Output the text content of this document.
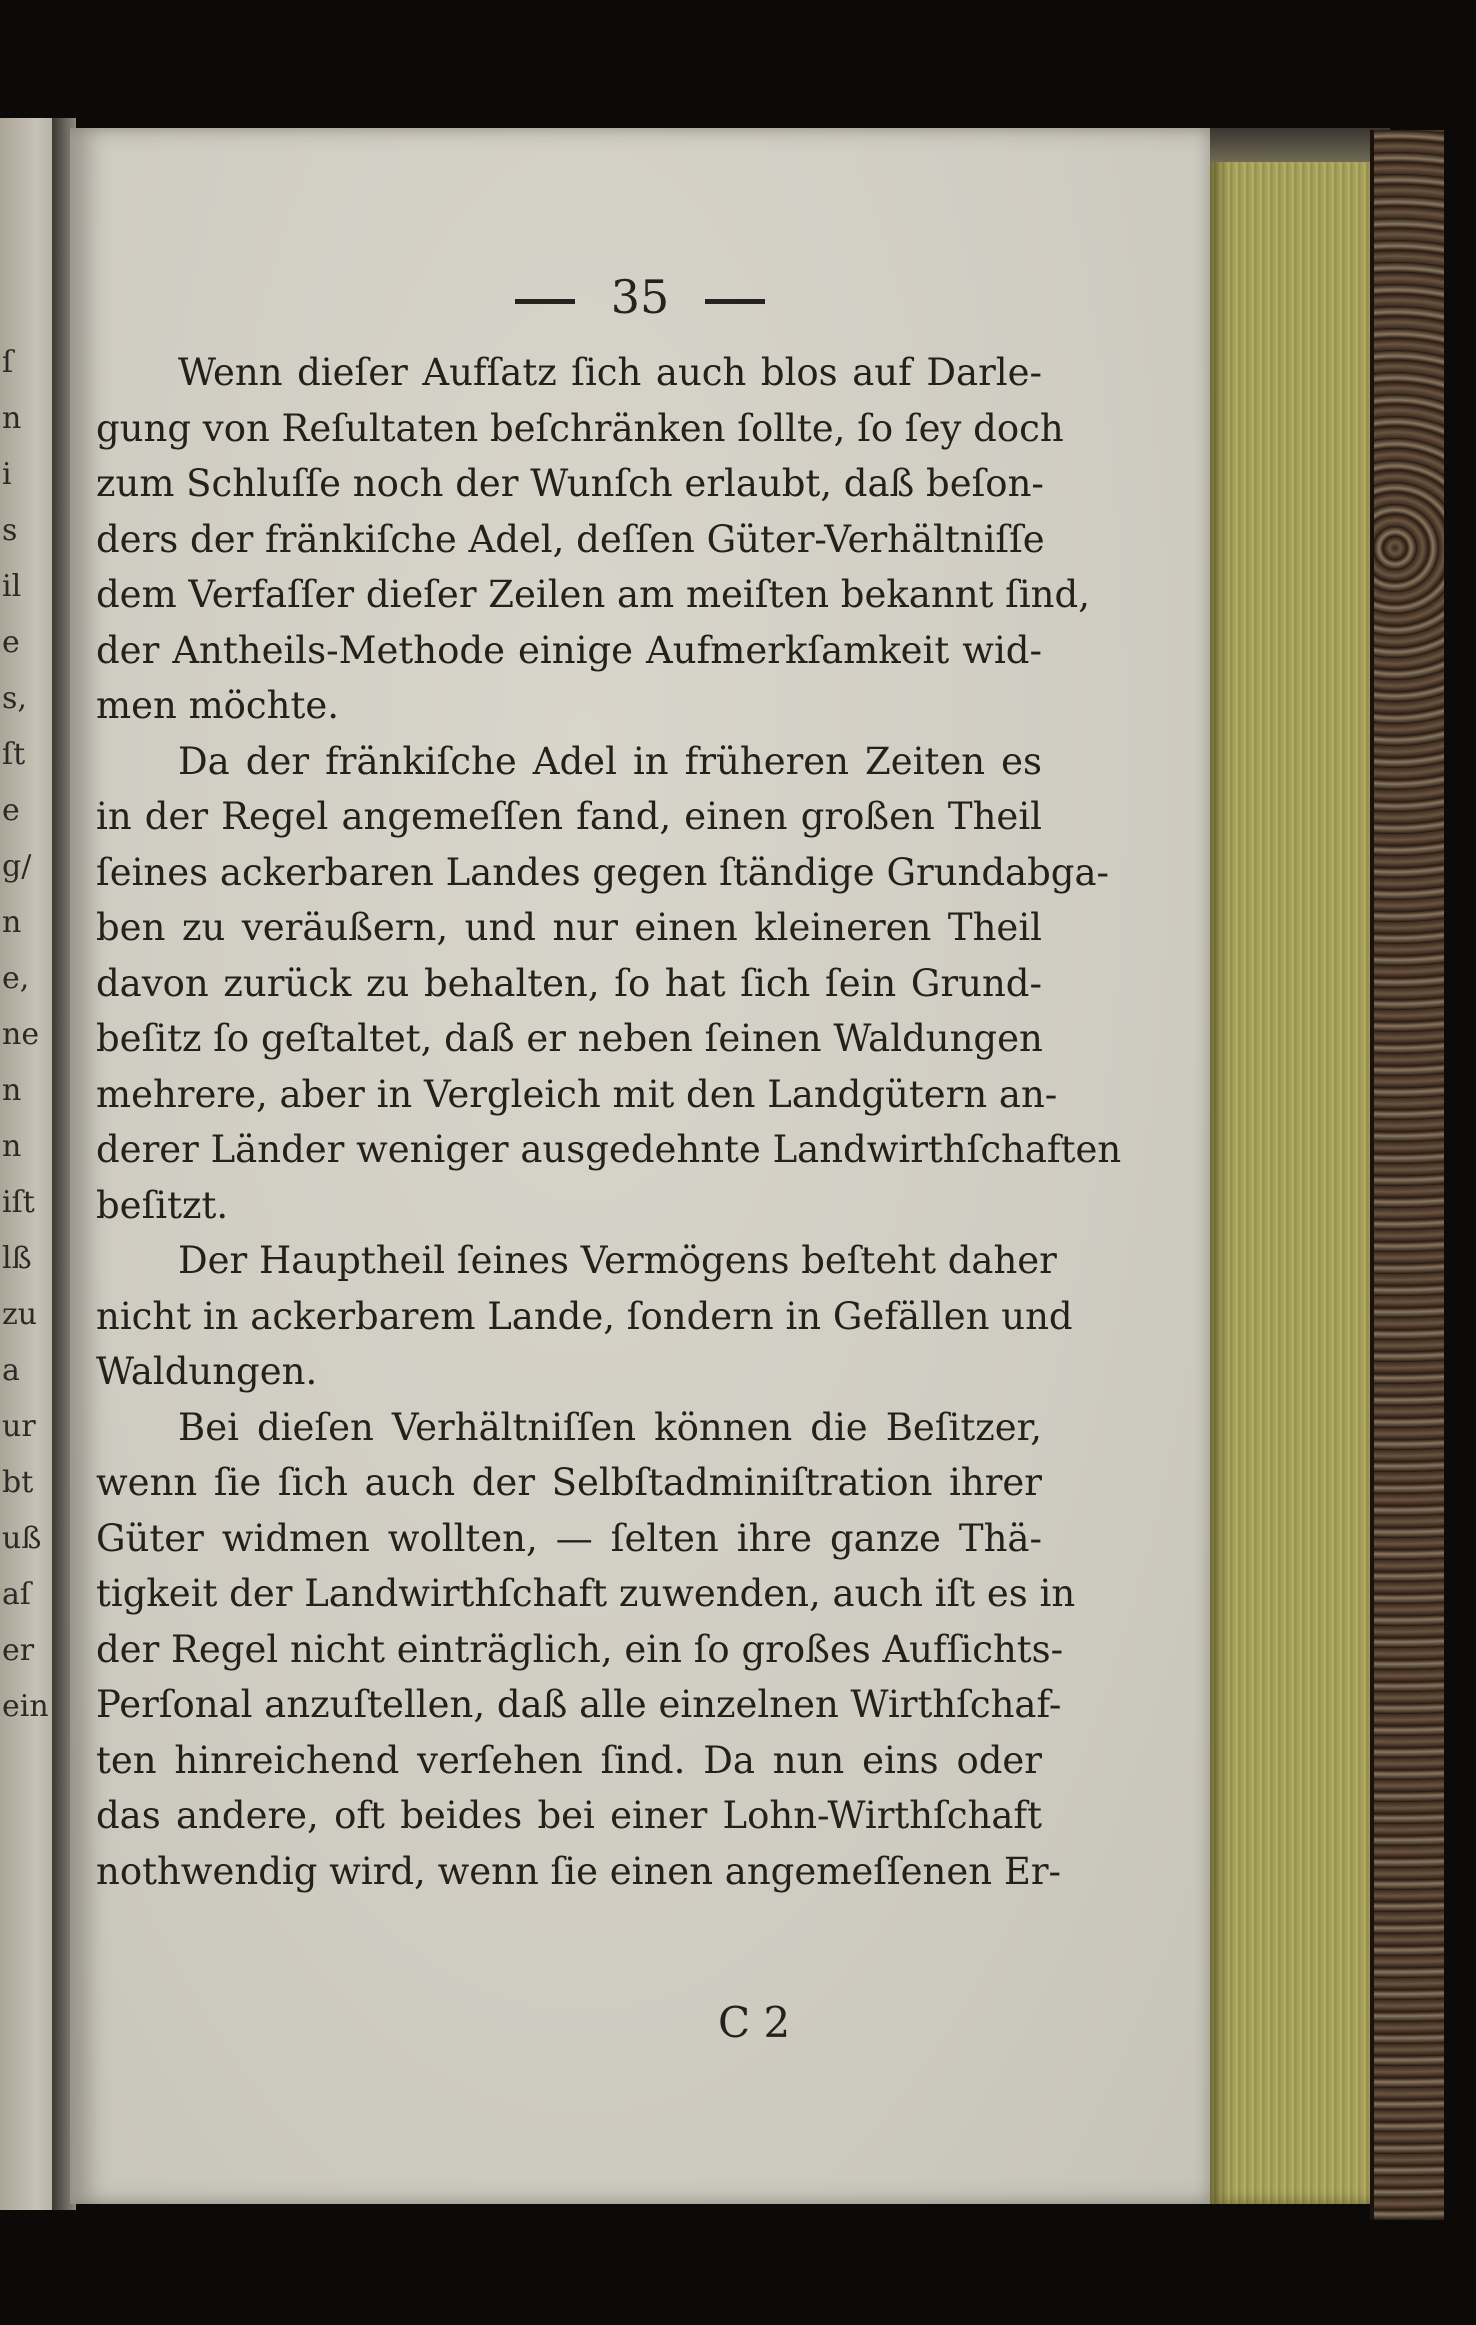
ſ
n
i
s
il
e
s,
ſt
e
g/
n
e,
ne
n
n
iſt
lß
zu
a
ur
bt
uß
aſ
er
ein
35
Wenn dieſer Aufſatz ſich auch blos auf Darle-
gung von Reſultaten beſchränken ſollte, ſo ſey doch
zum Schluſſe noch der Wunſch erlaubt, daß beſon-
ders der fränkiſche Adel, deſſen Güter-Verhältniſſe
dem Verfaſſer dieſer Zeilen am meiſten bekannt ſind,
der Antheils-Methode einige Aufmerkſamkeit wid-
men möchte.
Da der fränkiſche Adel in früheren Zeiten es
in der Regel angemeſſen fand, einen großen Theil
ſeines ackerbaren Landes gegen ſtändige Grundabga-
ben zu veräußern, und nur einen kleineren Theil
davon zurück zu behalten, ſo hat ſich ſein Grund-
beſitz ſo geſtaltet, daß er neben ſeinen Waldungen
mehrere, aber in Vergleich mit den Landgütern an-
derer Länder weniger ausgedehnte Landwirthſchaften
beſitzt.
Der Hauptheil ſeines Vermögens beſteht daher
nicht in ackerbarem Lande, ſondern in Gefällen und
Waldungen.
Bei dieſen Verhältniſſen können die Beſitzer,
wenn ſie ſich auch der Selbſtadminiſtration ihrer
Güter widmen wollten, — ſelten ihre ganze Thä-
tigkeit der Landwirthſchaft zuwenden, auch iſt es in
der Regel nicht einträglich, ein ſo großes Aufſichts-
Perſonal anzuſtellen, daß alle einzelnen Wirthſchaf-
ten hinreichend verſehen ſind. Da nun eins oder
das andere, oft beides bei einer Lohn-Wirthſchaft
nothwendig wird, wenn ſie einen angemeſſenen Er-
C 2
